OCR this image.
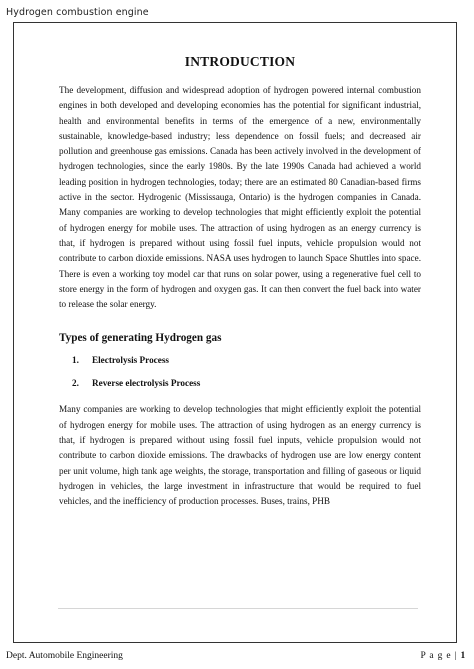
Hydrogen combustion engine
INTRODUCTION

The development, diffusion and widespread adoption of hydrogen powered internal combustion engines in both developed and developing economies has the potential for significant industrial, health and environmental benefits in terms of the emergence of a new, environmentally sustainable, knowledge-based industry; less dependence on fossil fuels; and decreased air pollution and greenhouse gas emissions. Canada has been actively involved in the development of hydrogen technologies, since the early 1980s. By the late 1990s Canada had achieved a world leading position in hydrogen technologies, today; there are an estimated 80 Canadian-based firms active in the sector. Hydrogenic (Mississauga, Ontario) is the hydrogen companies in Canada. Many companies are working to develop technologies that might efficiently exploit the potential of hydrogen energy for mobile uses. The attraction of using hydrogen as an energy currency is that, if hydrogen is prepared without using fossil fuel inputs, vehicle propulsion would not contribute to carbon dioxide emissions. NASA uses hydrogen to launch Space Shuttles into space. There is even a working toy model car that runs on solar power, using a regenerative fuel cell to store energy in the form of hydrogen and oxygen gas. It can then convert the fuel back into water to release the solar energy.

Types of generating Hydrogen gas
1.	Electrolysis Process
2.	Reverse electrolysis Process

Many companies are working to develop technologies that might efficiently exploit the potential of hydrogen energy for mobile uses. The attraction of using hydrogen as an energy currency is that, if hydrogen is prepared without using fossil fuel inputs, vehicle propulsion would not contribute to carbon dioxide emissions. The drawbacks of hydrogen use are low energy content per unit volume, high tank age weights, the storage, transportation and filling of gaseous or liquid hydrogen in vehicles, the large investment in infrastructure that would be required to fuel vehicles, and the inefficiency of production processes. Buses, trains, PHB

Dept. Automobile Engineering	P a g e | 1
